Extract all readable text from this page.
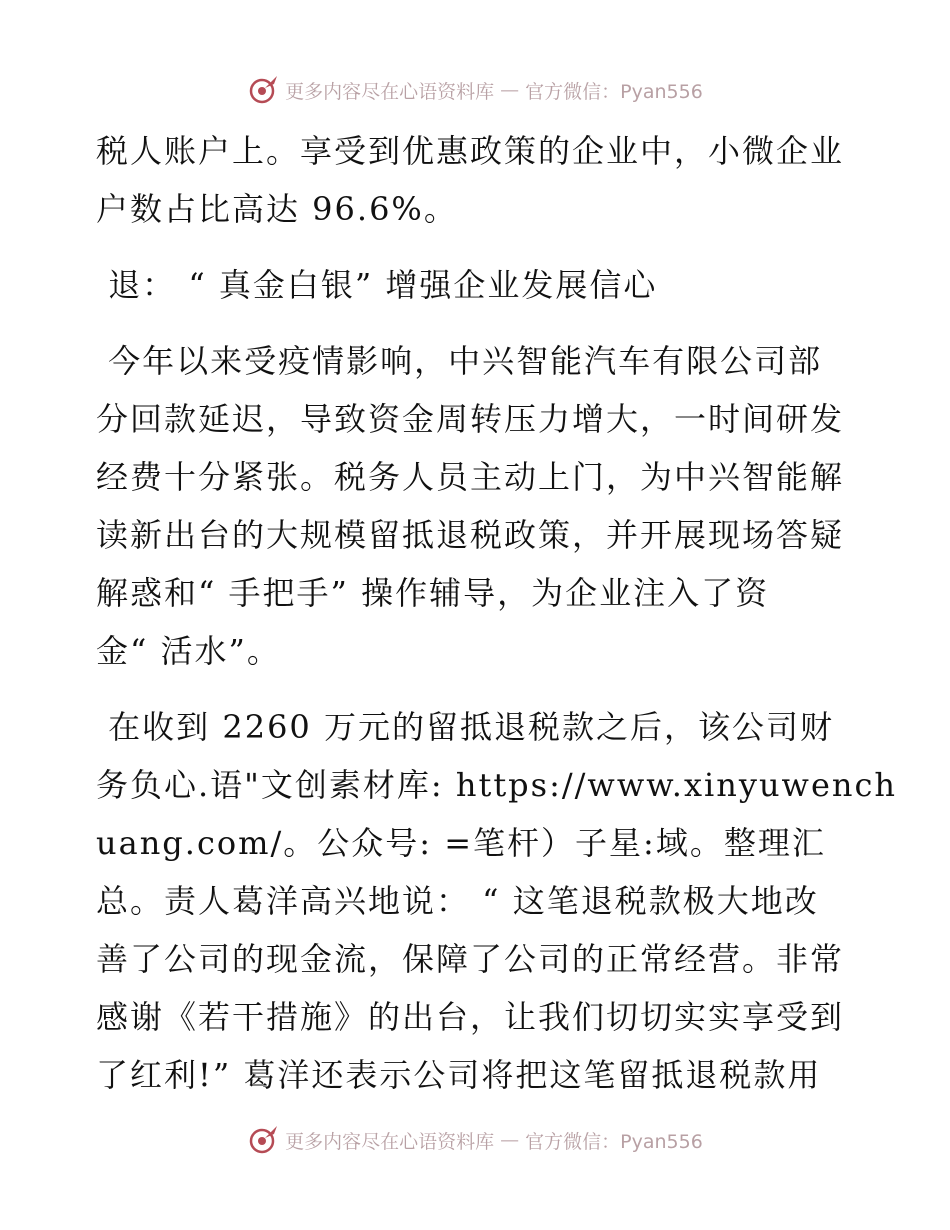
更多内容尽在心语资料库 — 官方微信：Pyan556

税人账户上。享受到优惠政策的企业中，小微企业
户数占比高达 96.6%。

退： “ 真金白银” 增强企业发展信心

今年以来受疫情影响，中兴智能汽车有限公司部
分回款延迟，导致资金周转压力增大，一时间研发
经费十分紧张。税务人员主动上门，为中兴智能解
读新出台的大规模留抵退税政策，并开展现场答疑
解惑和“ 手把手” 操作辅导，为企业注入了资
金“ 活水”。

在收到 2260 万元的留抵退税款之后，该公司财
务负心.语"文创素材库: https://www.xinyuwench
uang.com/。公众号: =笔杆）子星:域。整理汇
总。责人葛洋高兴地说： “ 这笔退税款极大地改
善了公司的现金流，保障了公司的正常经营。非常
感谢《若干措施》的出台，让我们切切实实享受到
了红利!” 葛洋还表示公司将把这笔留抵退税款用

更多内容尽在心语资料库 — 官方微信：Pyan556
